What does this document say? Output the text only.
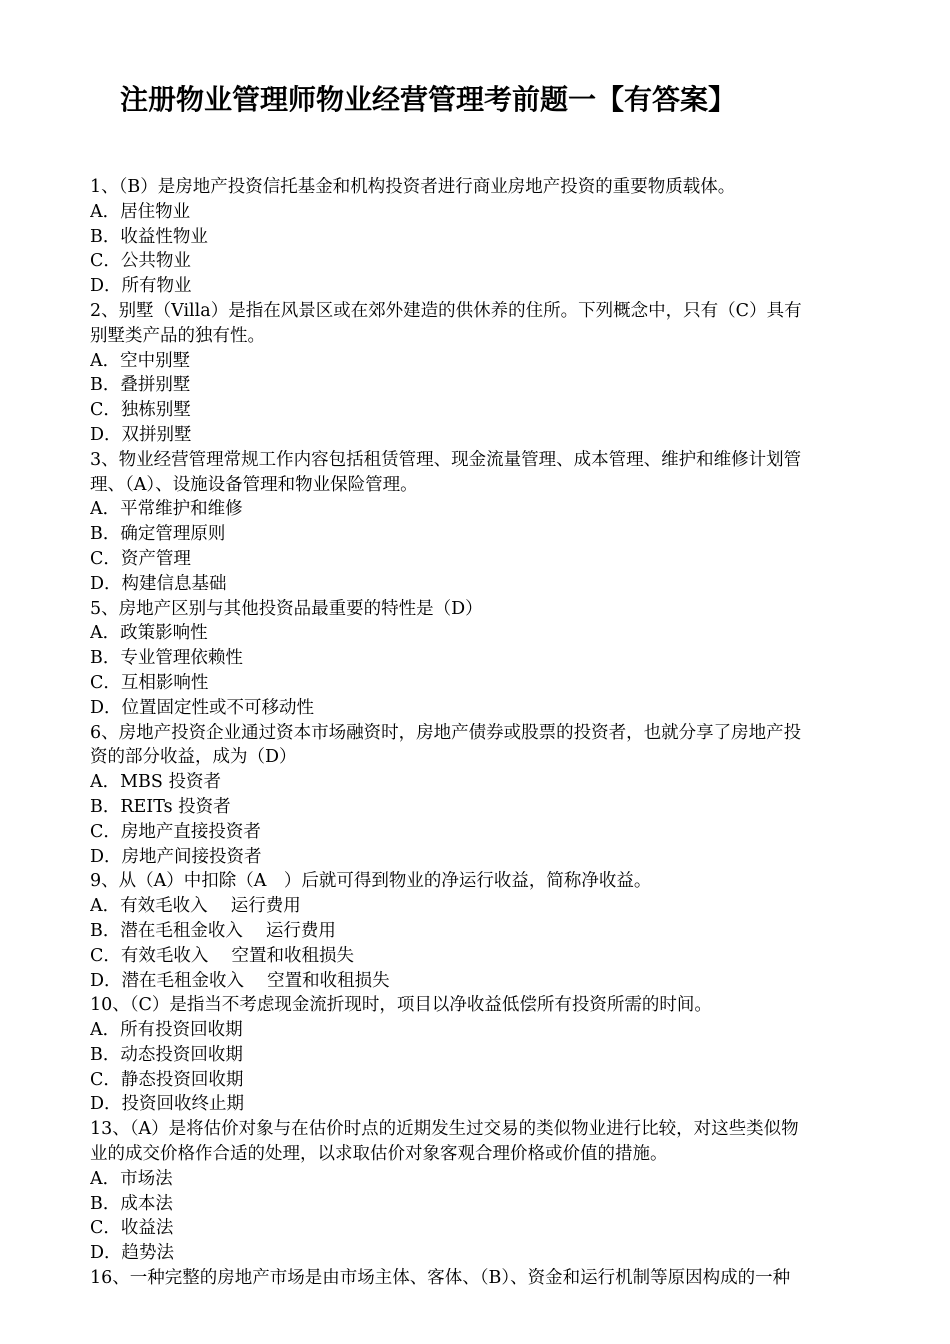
注册物业管理师物业经营管理考前题一【有答案】
1、（B）是房地产投资信托基金和机构投资者进行商业房地产投资的重要物质载体。
A．居住物业
B．收益性物业
C．公共物业
D．所有物业
2、别墅（Villa）是指在风景区或在郊外建造的供休养的住所。下列概念中，只有（C）具有
别墅类产品的独有性。
A．空中别墅
B．叠拼别墅
C．独栋别墅
D．双拼别墅
3、物业经营管理常规工作内容包括租赁管理、现金流量管理、成本管理、维护和维修计划管
理、（A）、设施设备管理和物业保险管理。
A．平常维护和维修
B．确定管理原则
C．资产管理
D．构建信息基础
5、房地产区别与其他投资品最重要的特性是（D）
A．政策影响性
B．专业管理依赖性
C．互相影响性
D．位置固定性或不可移动性
6、房地产投资企业通过资本市场融资时，房地产债券或股票的投资者，也就分享了房地产投
资的部分收益，成为（D）
A．MBS 投资者
B．REITs 投资者
C．房地产直接投资者
D．房地产间接投资者
9、从（A）中扣除（A　）后就可得到物业的净运行收益，简称净收益。
A．有效毛收入　 运行费用
B．潜在毛租金收入　 运行费用
C．有效毛收入　 空置和收租损失
D．潜在毛租金收入　 空置和收租损失
10、（C）是指当不考虑现金流折现时，项目以净收益低偿所有投资所需的时间。
A．所有投资回收期
B．动态投资回收期
C．静态投资回收期
D．投资回收终止期
13、（A）是将估价对象与在估价时点的近期发生过交易的类似物业进行比较，对这些类似物
业的成交价格作合适的处理，以求取估价对象客观合理价格或价值的措施。
A．市场法
B．成本法
C．收益法
D．趋势法
16、一种完整的房地产市场是由市场主体、客体、（B）、资金和运行机制等原因构成的一种
